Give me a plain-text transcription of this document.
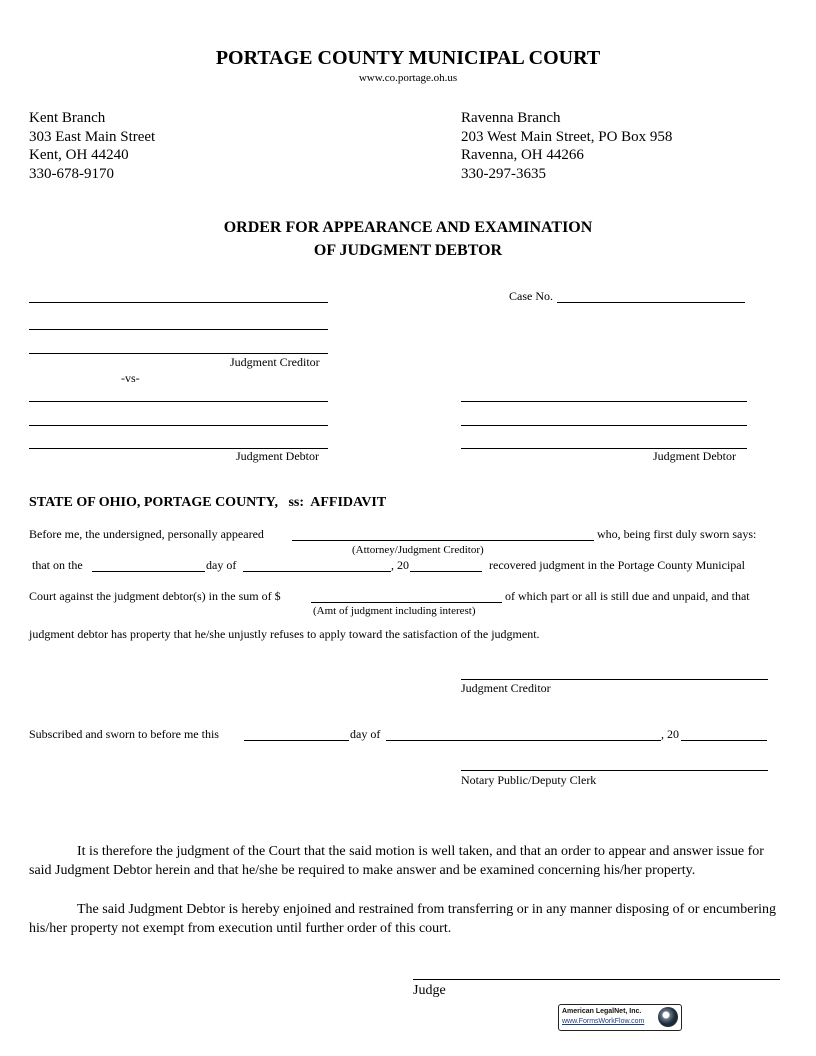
PORTAGE COUNTY MUNICIPAL COURT
www.co.portage.oh.us
Kent Branch
303 East Main Street
Kent, OH 44240
330-678-9170
Ravenna Branch
203 West Main Street, PO Box 958
Ravenna, OH 44266
330-297-3635
ORDER FOR APPEARANCE AND EXAMINATION
OF JUDGMENT DEBTOR
Judgment Creditor
-vs-
Case No.
Judgment Debtor	Judgment Debtor
STATE OF OHIO, PORTAGE COUNTY,   ss:  AFFIDAVIT
Before me, the undersigned, personally appeared	who, being first duly sworn says:
(Attorney/Judgment Creditor)
that on the	day of	, 20	recovered judgment in the Portage County Municipal
Court against the judgment debtor(s) in the sum of $	of which part or all is still due and unpaid, and that
(Amt of judgment including interest)
judgment debtor has property that he/she unjustly refuses to apply toward the satisfaction of the judgment.
Judgment Creditor
Subscribed and sworn to before me this	day of	, 20
Notary Public/Deputy Clerk
It is therefore the judgment of the Court that the said motion is well taken, and that an order to appear and answer issue for said Judgment Debtor herein and that he/she be required to make answer and be examined concerning his/her property.
The said Judgment Debtor is hereby enjoined and restrained from transferring or in any manner disposing of or encumbering his/her property not exempt from execution until further order of this court.
Judge
American LegalNet, Inc.
www.FormsWorkFlow.com
